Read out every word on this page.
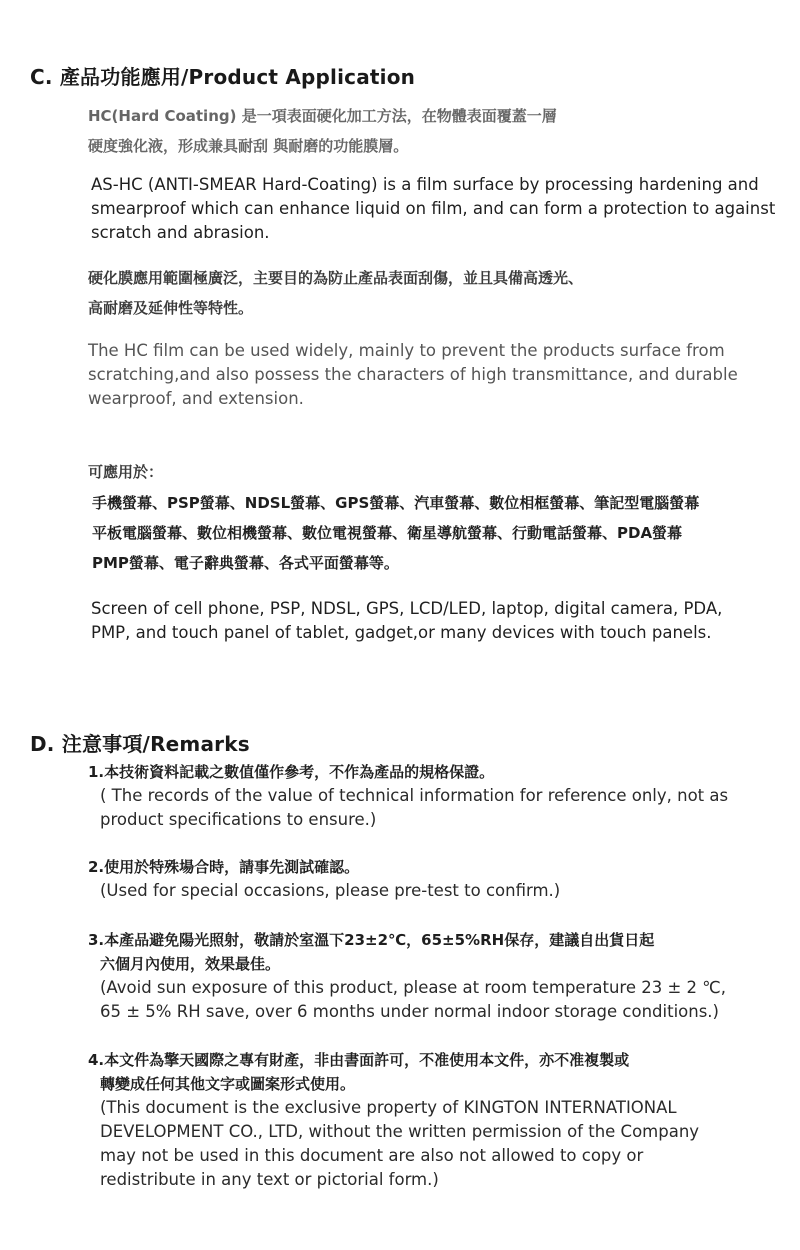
C. 產品功能應用/Product Application
HC(Hard Coating) 是一項表面硬化加工方法，在物體表面覆蓋一層
硬度強化液，形成兼具耐刮 與耐磨的功能膜層。
AS-HC (ANTI-SMEAR Hard-Coating) is a film surface by processing hardening and
smearproof which can enhance liquid on film, and can form a protection to against
scratch and abrasion.
硬化膜應用範圍極廣泛，主要目的為防止產品表面刮傷，並且具備高透光、
高耐磨及延伸性等特性。
The HC film can be used widely, mainly to prevent the products surface from
scratching,and also possess the characters of high transmittance, and durable
wearproof, and extension.
可應用於：
手機螢幕、PSP螢幕、NDSL螢幕、GPS螢幕、汽車螢幕、數位相框螢幕、筆記型電腦螢幕
平板電腦螢幕、數位相機螢幕、數位電視螢幕、衛星導航螢幕、行動電話螢幕、PDA螢幕
PMP螢幕、電子辭典螢幕、各式平面螢幕等。
Screen of cell phone, PSP, NDSL, GPS, LCD/LED, laptop, digital camera, PDA,
PMP, and touch panel of tablet, gadget,or many devices with touch panels.
D. 注意事項/Remarks
1.本技術資料記載之數值僅作參考，不作為產品的規格保證。
( The records of the value of technical information for reference only, not as
product specifications to ensure.)
2.使用於特殊場合時，請事先測試確認。
(Used for special occasions, please pre-test to confirm.)
3.本產品避免陽光照射，敬請於室溫下23±2℃，65±5%RH保存，建議自出貨日起
六個月內使用，效果最佳。
(Avoid sun exposure of this product, please at room temperature 23 ± 2 ℃,
65 ± 5% RH save, over 6 months under normal indoor storage conditions.)
4.本文件為擎天國際之專有財產，非由書面許可，不准使用本文件，亦不准複製或
轉變成任何其他文字或圖案形式使用。
(This document is the exclusive property of KINGTON INTERNATIONAL
DEVELOPMENT CO., LTD, without the written permission of the Company
may not be used in this document are also not allowed to copy or
redistribute in any text or pictorial form.)
